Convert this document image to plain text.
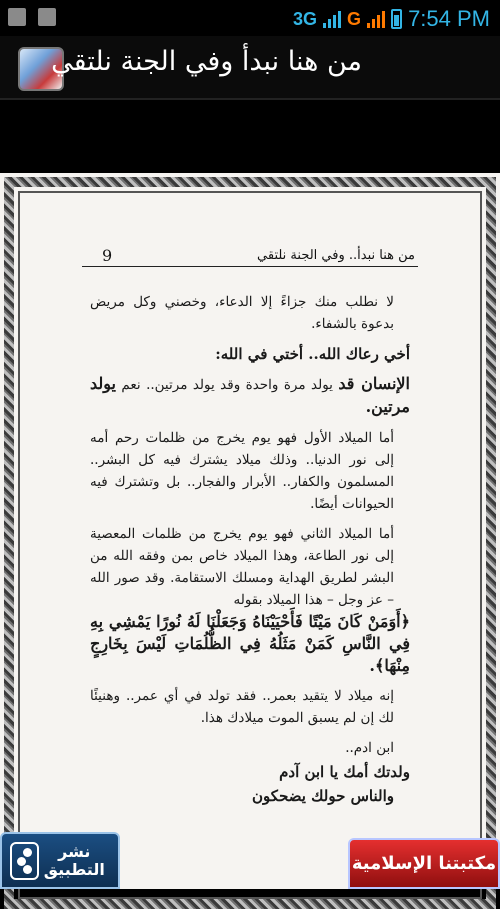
3G G 7:54 PM
من هنا نبدأ وفي الجنة نلتقي
من هنا نبدأ.. وفي الجنة نلتقي
9

لا نطلب منك جزاءً إلا الدعاء، وخصني وكل مريض بدعوة بالشفاء.

أخي رعاك الله.. أختي في الله:

الإنسان قد يولد مرة واحدة وقد يولد مرتين.. نعم يولد مرتين.

أما الميلاد الأول فهو يوم يخرج من ظلمات رحم أمه إلى نور الدنيا.. وذلك ميلاد يشترك فيه كل البشر.. المسلمون والكفار.. الأبرار والفجار.. بل وتشترك فيه الحيوانات أيضًا.

أما الميلاد الثاني فهو يوم يخرج من ظلمات المعصية إلى نور الطاعة، وهذا الميلاد خاص بمن وفقه الله من البشر لطريق الهداية ومسلك الاستقامة. وقد صور الله – عز وجل – هذا الميلاد بقوله

﴿أَوَمَنْ كَانَ مَيْتًا فَأَحْيَيْنَاهُ وَجَعَلْنَا لَهُ نُورًا يَمْشِي بِهِ فِي النَّاسِ كَمَنْ مَثَلُهُ فِي الظُّلُمَاتِ لَيْسَ بِخَارِجٍ مِنْهَا﴾.

إنه ميلاد لا يتقيد بعمر.. فقد تولد في أي عمر.. وهنيئًا لك إن لم يسبق الموت ميلادك هذا.

ابن ادم..

ولدتك أمك يا ابن آدم

والناس حولك يضحكون

نشر التطبيق	مكتبتنا الإسلامية
